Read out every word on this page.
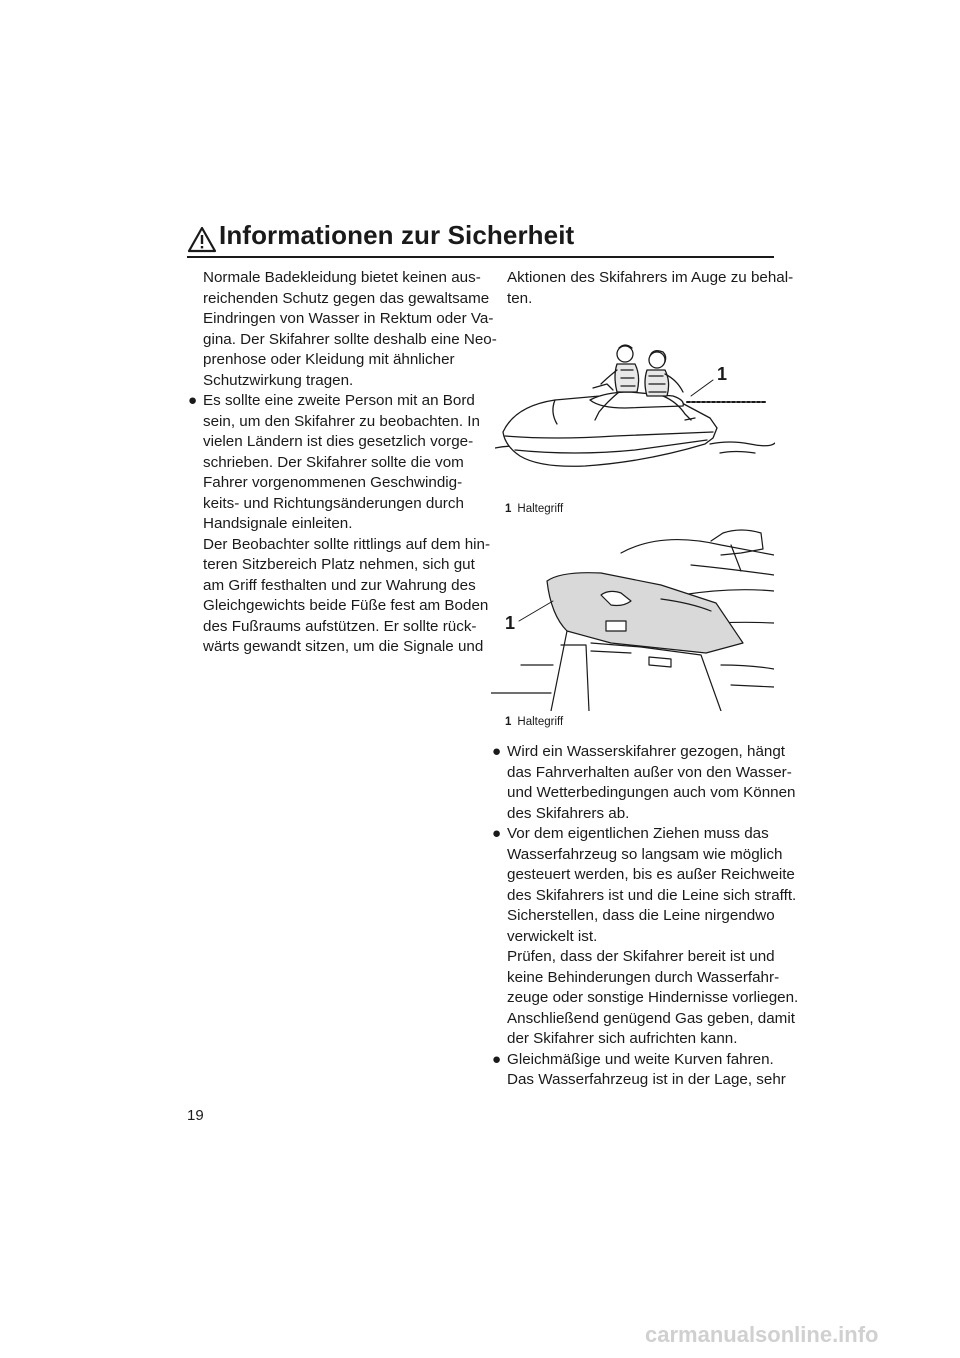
Informationen zur Sicherheit

Normale Badekleidung bietet keinen aus-
reichenden Schutz gegen das gewaltsame
Eindringen von Wasser in Rektum oder Va-
gina. Der Skifahrer sollte deshalb eine Neo-
prenhose oder Kleidung mit ähnlicher
Schutzwirkung tragen.

● Es sollte eine zweite Person mit an Bord
sein, um den Skifahrer zu beobachten. In
vielen Ländern ist dies gesetzlich vorge-
schrieben. Der Skifahrer sollte die vom
Fahrer vorgenommenen Geschwindig-
keits- und Richtungsänderungen durch
Handsignale einleiten.
Der Beobachter sollte rittlings auf dem hin-
teren Sitzbereich Platz nehmen, sich gut
am Griff festhalten und zur Wahrung des
Gleichgewichts beide Füße fest am Boden
des Fußraums aufstützen. Er sollte rück-
wärts gewandt sitzen, um die Signale und

Aktionen des Skifahrers im Auge zu behal-
ten.

1
1 Haltegriff
1
1 Haltegriff

● Wird ein Wasserskifahrer gezogen, hängt
das Fahrverhalten außer von den Wasser-
und Wetterbedingungen auch vom Können
des Skifahrers ab.

● Vor dem eigentlichen Ziehen muss das
Wasserfahrzeug so langsam wie möglich
gesteuert werden, bis es außer Reichweite
des Skifahrers ist und die Leine sich strafft.
Sicherstellen, dass die Leine nirgendwo
verwickelt ist.
Prüfen, dass der Skifahrer bereit ist und
keine Behinderungen durch Wasserfahr-
zeuge oder sonstige Hindernisse vorliegen.
Anschließend genügend Gas geben, damit
der Skifahrer sich aufrichten kann.

● Gleichmäßige und weite Kurven fahren.
Das Wasserfahrzeug ist in der Lage, sehr

19
carmanualsonline.info
